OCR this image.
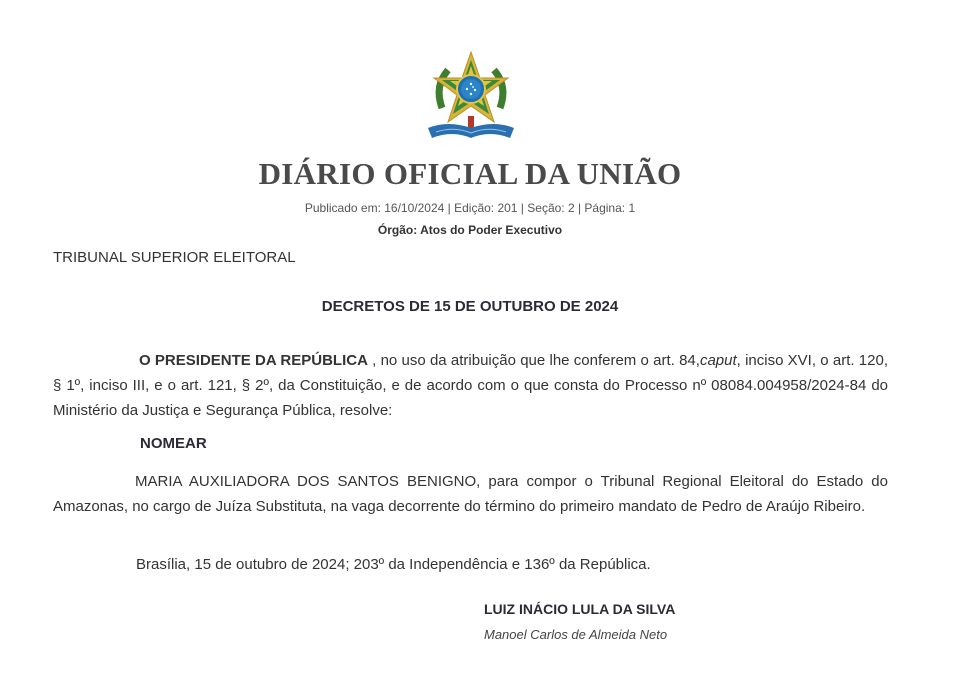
DIÁRIO OFICIAL DA UNIÃO
Publicado em: 16/10/2024 | Edição: 201 | Seção: 2 | Página: 1
Órgão: Atos do Poder Executivo
TRIBUNAL SUPERIOR ELEITORAL
DECRETOS DE 15 DE OUTUBRO DE 2024
O PRESIDENTE DA REPÚBLICA , no uso da atribuição que lhe conferem o art. 84,caput, inciso XVI, o art. 120, § 1º, inciso III, e o art. 121, § 2º, da Constituição, e de acordo com o que consta do Processo nº 08084.004958/2024-84 do Ministério da Justiça e Segurança Pública, resolve:
NOMEAR
MARIA AUXILIADORA DOS SANTOS BENIGNO, para compor o Tribunal Regional Eleitoral do Estado do Amazonas, no cargo de Juíza Substituta, na vaga decorrente do término do primeiro mandato de Pedro de Araújo Ribeiro.
Brasília, 15 de outubro de 2024; 203º da Independência e 136º da República.
LUIZ INÁCIO LULA DA SILVA
Manoel Carlos de Almeida Neto
